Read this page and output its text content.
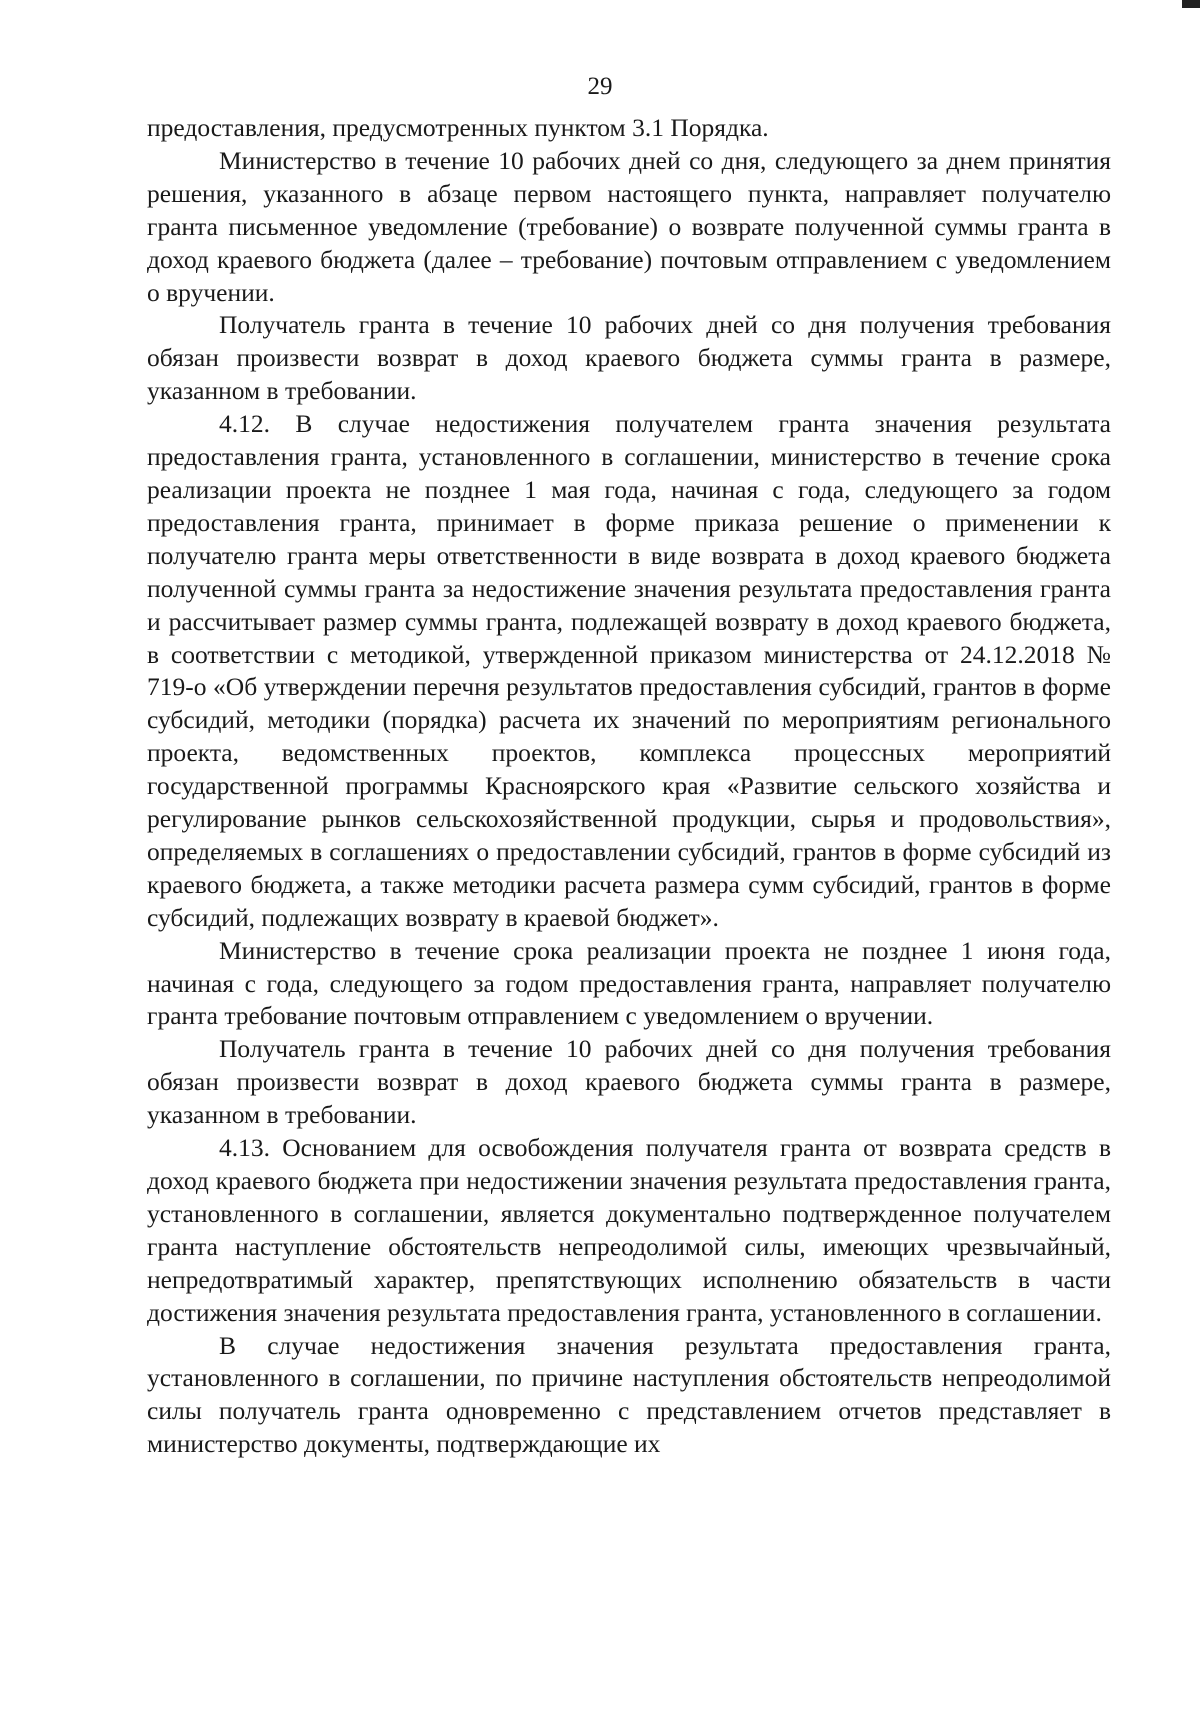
29

предоставления, предусмотренных пунктом 3.1 Порядка.

Министерство в течение 10 рабочих дней со дня, следующего за днем принятия решения, указанного в абзаце первом настоящего пункта, направляет получателю гранта письменное уведомление (требование) о возврате полученной суммы гранта в доход краевого бюджета (далее – требование) почтовым отправлением с уведомлением о вручении.

Получатель гранта в течение 10 рабочих дней со дня получения требования обязан произвести возврат в доход краевого бюджета суммы гранта в размере, указанном в требовании.

4.12. В случае недостижения получателем гранта значения результата предоставления гранта, установленного в соглашении, министерство в течение срока реализации проекта не позднее 1 мая года, начиная с года, следующего за годом предоставления гранта, принимает в форме приказа решение о применении к получателю гранта меры ответственности в виде возврата в доход краевого бюджета полученной суммы гранта за недостижение значения результата предоставления гранта и рассчитывает размер суммы гранта, подлежащей возврату в доход краевого бюджета, в соответствии с методикой, утвержденной приказом министерства от 24.12.2018 № 719-о «Об утверждении перечня результатов предоставления субсидий, грантов в форме субсидий, методики (порядка) расчета их значений по мероприятиям регионального проекта, ведомственных проектов, комплекса процессных мероприятий государственной программы Красноярского края «Развитие сельского хозяйства и регулирование рынков сельскохозяйственной продукции, сырья и продовольствия», определяемых в соглашениях о предоставлении субсидий, грантов в форме субсидий из краевого бюджета, а также методики расчета размера сумм субсидий, грантов в форме субсидий, подлежащих возврату в краевой бюджет».

Министерство в течение срока реализации проекта не позднее 1 июня года, начиная с года, следующего за годом предоставления гранта, направляет получателю гранта требование почтовым отправлением с уведомлением о вручении.

Получатель гранта в течение 10 рабочих дней со дня получения требования обязан произвести возврат в доход краевого бюджета суммы гранта в размере, указанном в требовании.

4.13. Основанием для освобождения получателя гранта от возврата средств в доход краевого бюджета при недостижении значения результата предоставления гранта, установленного в соглашении, является документально подтвержденное получателем гранта наступление обстоятельств непреодолимой силы, имеющих чрезвычайный, непредотвратимый характер, препятствующих исполнению обязательств в части достижения значения результата предоставления гранта, установленного в соглашении.

В случае недостижения значения результата предоставления гранта, установленного в соглашении, по причине наступления обстоятельств непреодолимой силы получатель гранта одновременно с представлением отчетов представляет в министерство документы, подтверждающие их
